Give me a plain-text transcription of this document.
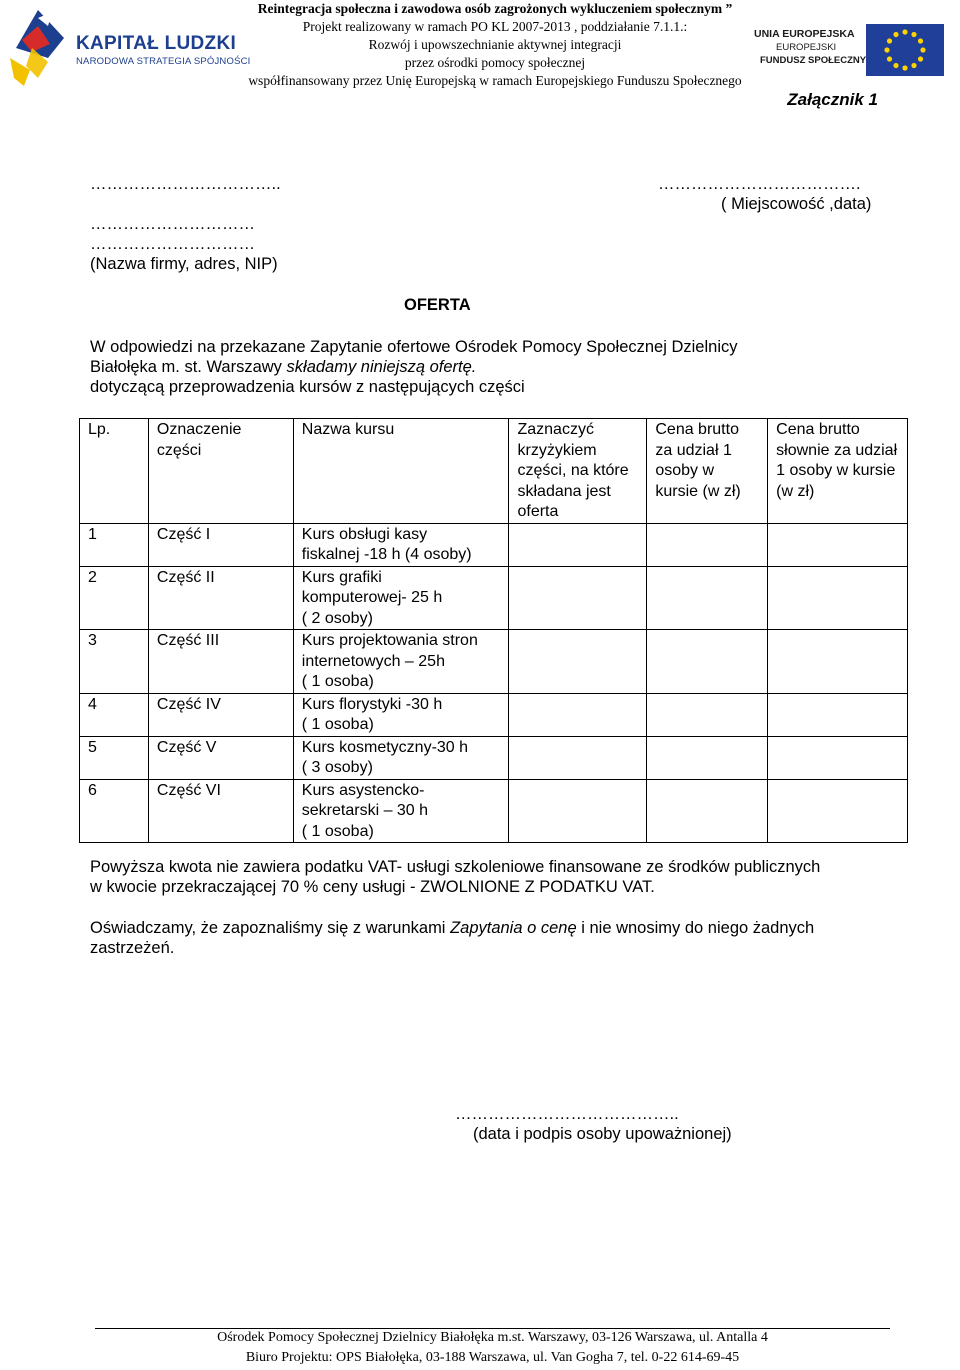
KAPITAŁ LUDZKI
NARODOWA STRATEGIA SPÓJNOŚCI
UNIA EUROPEJSKA
EUROPEJSKI
FUNDUSZ SPOŁECZNY
Reintegracja społeczna i zawodowa osób zagrożonych wykluczeniem społecznym ”
Projekt realizowany w ramach PO KL 2007-2013 , poddziałanie 7.1.1.:
Rozwój i upowszechnianie aktywnej integracji
przez ośrodki pomocy społecznej
współfinansowany przez Unię Europejską w ramach Europejskiego Funduszu Społecznego
Załącznik 1
……………………………..
…………………………
…………………………
(Nazwa firmy, adres, NIP)
……………………………….
( Miejscowość ,data)
OFERTA
W odpowiedzi na przekazane Zapytanie ofertowe Ośrodek Pomocy Społecznej Dzielnicy
Białołęka m. st. Warszawy składamy niniejszą ofertę.
dotyczącą przeprowadzenia kursów z następujących części
Lp.	Oznaczenie części	Nazwa kursu	Zaznaczyć krzyżykiem części, na które składana jest oferta	Cena brutto za udział 1 osoby w kursie (w zł)	Cena brutto słownie za udział 1 osoby w kursie (w zł)
1	Część I	Kurs obsługi kasy
fiskalnej -18 h (4 osoby)			
2	Część II	Kurs grafiki
komputerowej- 25 h
( 2 osoby)			
3	Część III	Kurs projektowania stron
internetowych – 25h
( 1 osoba)			
4	Część IV	Kurs florystyki -30 h
( 1 osoba)			
5	Część V	Kurs kosmetyczny-30 h
( 3 osoby)			
6	Część VI	Kurs asystencko-
sekretarski – 30 h
( 1 osoba)			
Powyższa kwota nie zawiera podatku VAT- usługi szkoleniowe finansowane ze środków publicznych
w kwocie przekraczającej 70 % ceny usługi - ZWOLNIONE Z PODATKU VAT.
Oświadczamy, że zapoznaliśmy się z warunkami Zapytania o cenę i nie wnosimy do niego żadnych
zastrzeżeń.
…………………………………..
(data i podpis osoby upoważnionej)
Ośrodek Pomocy Społecznej Dzielnicy Białołęka m.st. Warszawy, 03-126 Warszawa, ul. Antalla 4
Biuro Projektu: OPS Białołęka, 03-188 Warszawa, ul. Van Gogha 7, tel. 0-22 614-69-45
